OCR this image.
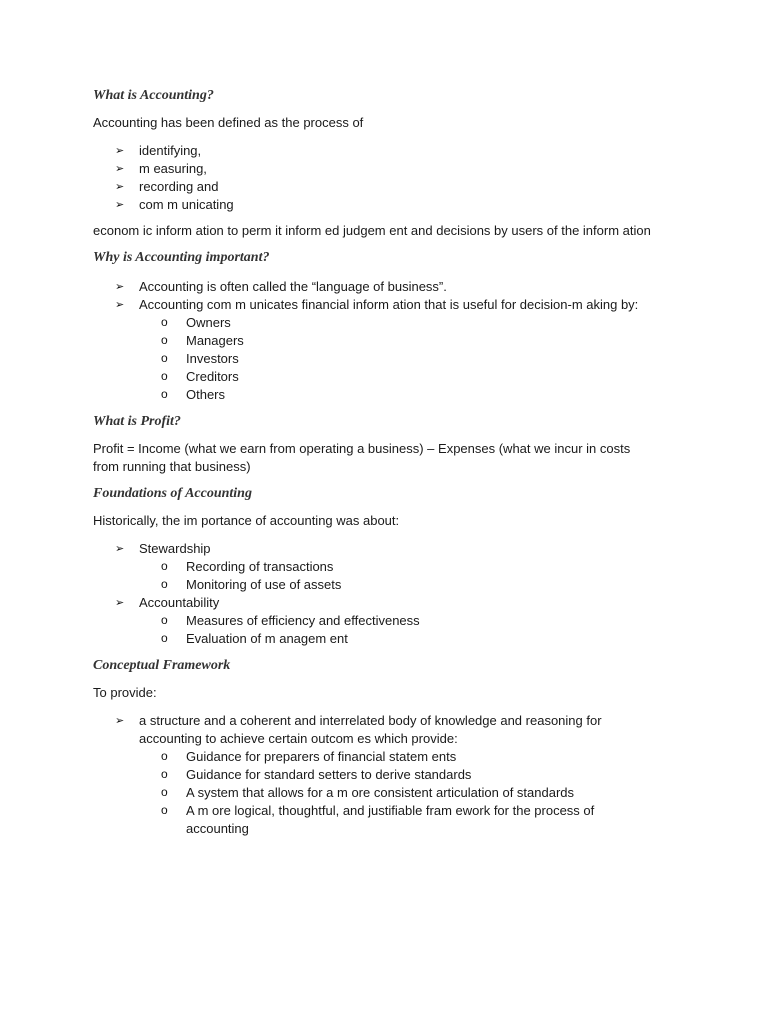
What is Accounting?

Accounting has been defined as the process of

➢ identifying,
➢ m easuring,
➢ recording and
➢ com m unicating

econom ic inform ation to perm it inform ed judgem ent and decisions by users of the inform ation

Why is Accounting important?
➢ Accounting is often called the “language of business”.
➢ Accounting com m unicates financial inform ation that is useful for decision-m aking by:
o Owners
o Managers
o Investors
o Creditors
o Others
What is Profit?

Profit = Income (what we earn from operating a business) – Expenses (what we incur in costs

from running that business)

Foundations of Accounting

Historically, the im portance of accounting was about:

➢ Stewardship
o Recording of transactions
o Monitoring of use of assets
➢ Accountability
o Measures of efficiency and effectiveness
o Evaluation of m anagem ent
Conceptual Framework

To provide:

➢ a structure and a coherent and interrelated body of knowledge and reasoning for
accounting to achieve certain outcom es which provide:
o Guidance for preparers of financial statem ents
o Guidance for standard setters to derive standards
o A system that allows for a m ore consistent articulation of standards
o A m ore logical, thoughtful, and justifiable fram ework for the process of
accounting
